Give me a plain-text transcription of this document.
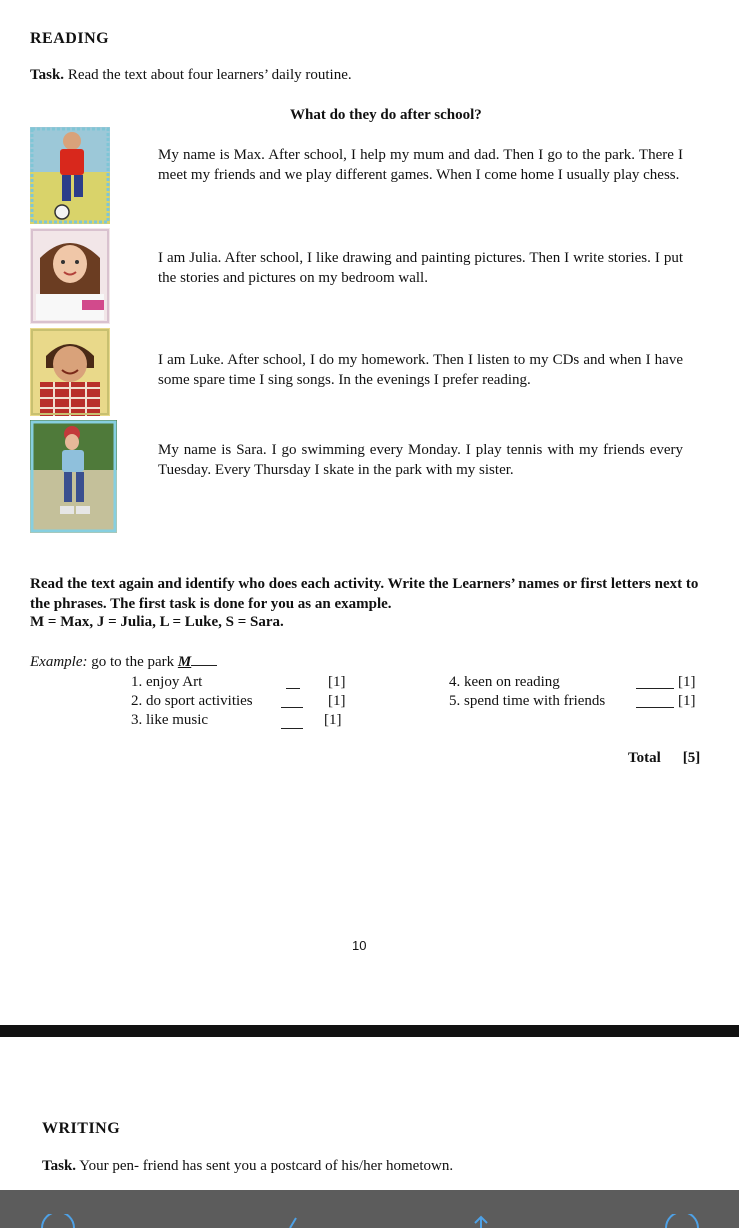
READING
Task. Read the text about four learners’ daily routine.
What do they do after school?
My name is Max. After school, I help my mum and dad. Then I go to the park. There I meet my friends and we play different games. When I come home I usually play chess.
I am Julia. After school, I like drawing and painting pictures. Then I write stories. I put the stories and pictures on my bedroom wall.
I am Luke. After school, I do my homework. Then I listen to my CDs and when I have some spare time I sing songs. In the evenings I prefer reading.
My name is Sara. I go swimming every Monday. I play tennis with my friends every Tuesday. Every Thursday I skate in the park with my sister.
Read the text again and identify who does each activity. Write the Learners’ names or first letters next to the phrases. The first task is done for you as an example.
M = Max, J = Julia, L = Luke, S = Sara.
Example: go to the park M
1. enjoy Art	[1]
2. do sport activities	[1]
3. like music	[1]
4. keen on reading	[1]
5. spend time with friends	[1]
Total [5]
10
WRITING
Task. Your pen- friend has sent you a postcard of his/her hometown.
